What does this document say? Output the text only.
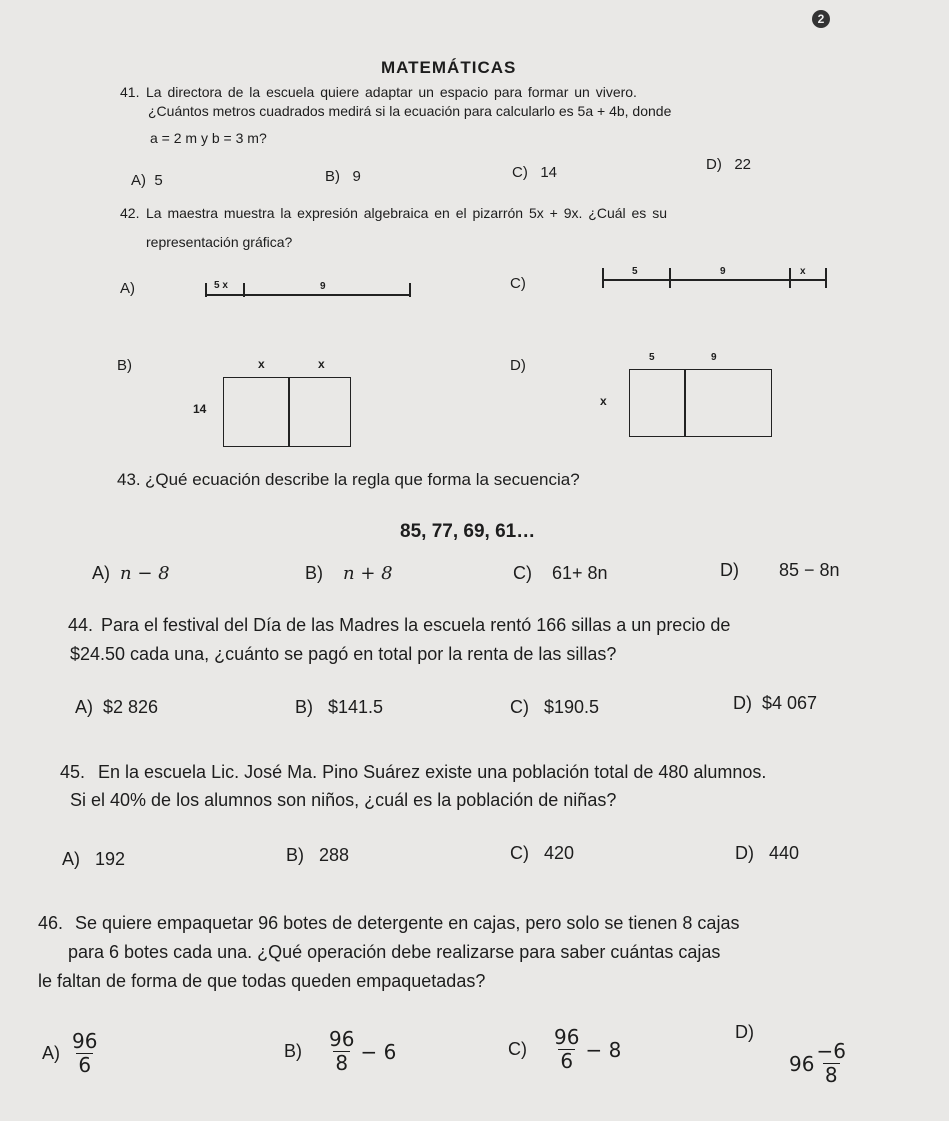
2
MATEMÁTICAS
41. La directora de la escuela quiere adaptar un espacio para formar un vivero.
¿Cuántos metros cuadrados medirá si la ecuación para calcularlo es 5a + 4b, donde
a = 2 m y b = 3 m?
A) 5	B) 9	C) 14	D) 22
42. La maestra muestra la expresión algebraica en el pizarrón 5x + 9x. ¿Cuál es su
representación gráfica?
A)	5 x	9	C)
5	9	x
B)	x	x
14
D)	5	9
x
43. ¿Qué ecuación describe la regla que forma la secuencia?
85, 77, 69, 61…
A) n − 8	B) n + 8	C) 61+ 8n	D) 85 − 8n
44. Para el festival del Día de las Madres la escuela rentó 166 sillas a un precio de
$24.50 cada una, ¿cuánto se pagó en total por la renta de las sillas?
A) $2 826	B) $141.5	C) $190.5	D) $4 067
45. En la escuela Lic. José Ma. Pino Suárez existe una población total de 480 alumnos.
Si el 40% de los alumnos son niños, ¿cuál es la población de niñas?
A) 192	B) 288	C) 420	D) 440
46. Se quiere empaquetar 96 botes de detergente en cajas, pero solo se tienen 8 cajas
para 6 botes cada una. ¿Qué operación debe realizarse para saber cuántas cajas
le faltan de forma de que todas queden empaquetadas?
A)
$\frac{96}{6}$	B)
$\frac{96}{8} - 6$	C)
$\frac{96}{6} - 8$
D)

$96 \frac{-6}{8}$
